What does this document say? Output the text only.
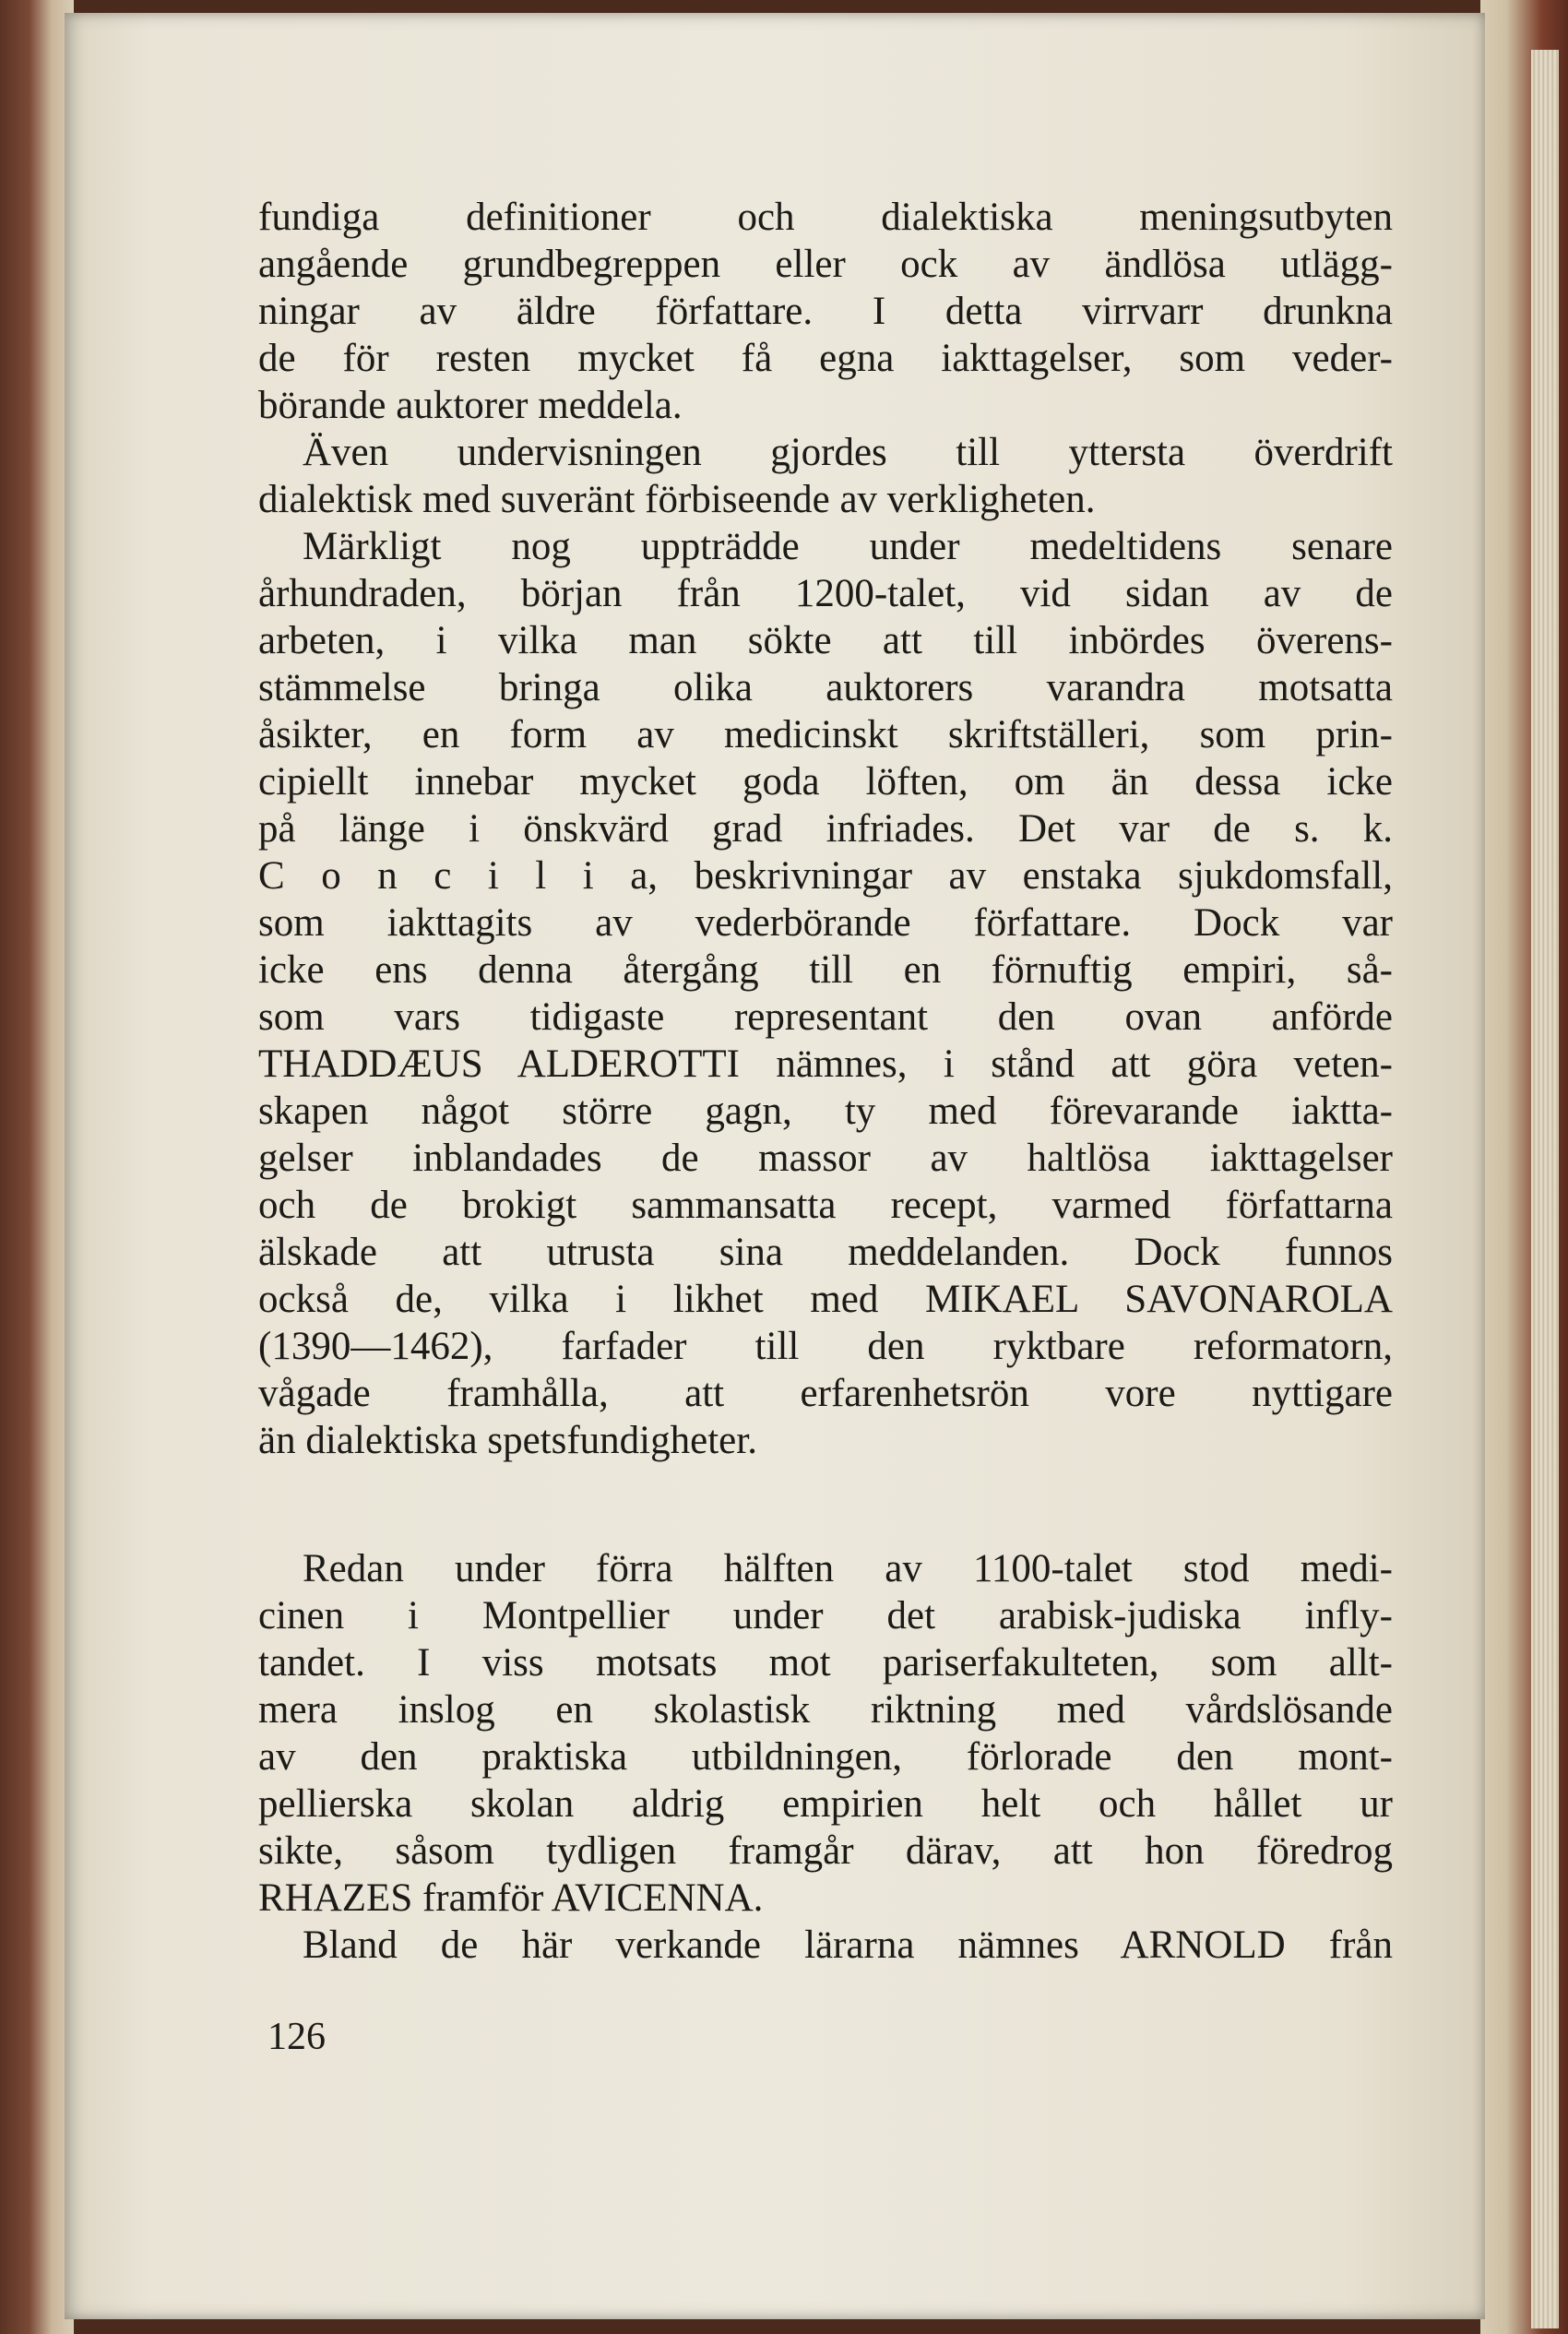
fundiga definitioner och dialektiska meningsutbyten
angående grundbegreppen eller ock av ändlösa utlägg-
ningar av äldre författare. I detta virrvarr drunkna
de för resten mycket få egna iakttagelser, som veder-
börande auktorer meddela.
Även undervisningen gjordes till yttersta överdrift
dialektisk med suveränt förbiseende av verkligheten.
Märkligt nog uppträdde under medeltidens senare
århundraden, början från 1200-talet, vid sidan av de
arbeten, i vilka man sökte att till inbördes överens-
stämmelse bringa olika auktorers varandra motsatta
åsikter, en form av medicinskt skriftställeri, som prin-
cipiellt innebar mycket goda löften, om än dessa icke
på länge i önskvärd grad infriades. Det var de s. k.
C o n c i l i a, beskrivningar av enstaka sjukdomsfall,
som iakttagits av vederbörande författare. Dock var
icke ens denna återgång till en förnuftig empiri, så-
som vars tidigaste representant den ovan anförde
THADDÆUS ALDEROTTI nämnes, i stånd att göra veten-
skapen något större gagn, ty med förevarande iaktta-
gelser inblandades de massor av haltlösa iakttagelser
och de brokigt sammansatta recept, varmed författarna
älskade att utrusta sina meddelanden. Dock funnos
också de, vilka i likhet med MIKAEL SAVONAROLA
(1390—1462), farfader till den ryktbare reformatorn,
vågade framhålla, att erfarenhetsrön vore nyttigare
än dialektiska spetsfundigheter.
Redan under förra hälften av 1100-talet stod medi-
cinen i Montpellier under det arabisk-judiska infly-
tandet. I viss motsats mot pariserfakulteten, som allt-
mera inslog en skolastisk riktning med vårdslösande
av den praktiska utbildningen, förlorade den mont-
pellierska skolan aldrig empirien helt och hållet ur
sikte, såsom tydligen framgår därav, att hon föredrog
RHAZES framför AVICENNA.
Bland de här verkande lärarna nämnes ARNOLD från
126
